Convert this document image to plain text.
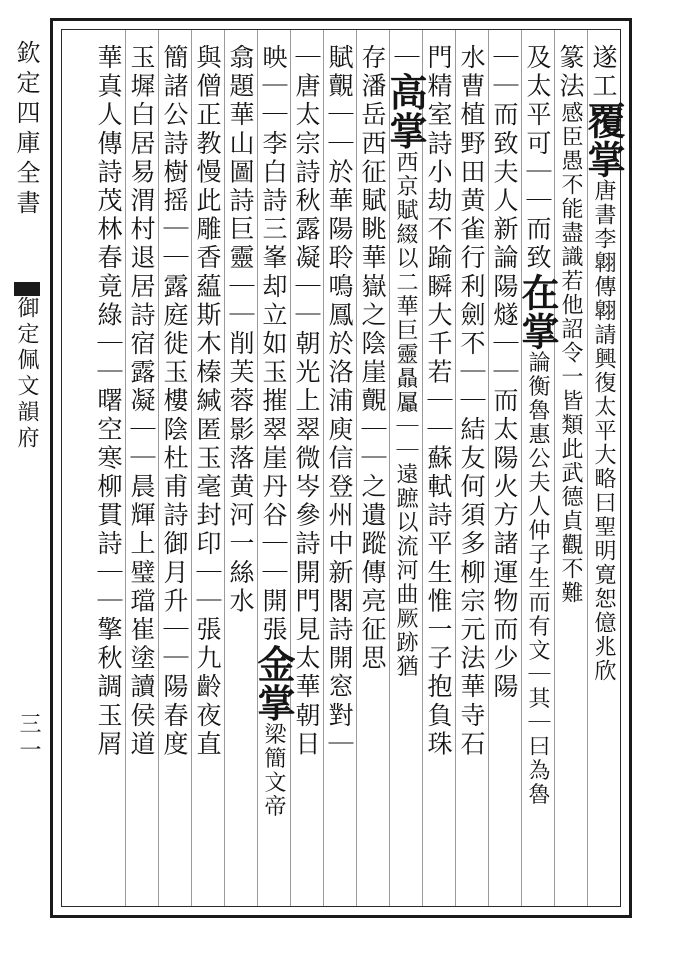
遂工覆掌唐書李翺傳翺請興復太平大略曰聖明寛恕億兆欣
篆法感臣愚不能盡識若他詔令一皆類此武德貞觀不難
及太平可｜｜而致在掌論衡魯惠公夫人仲子生而有文｜其｜曰為魯
｜｜而致夫人新論陽燧｜｜而太陽火方諸運物而少陽
水曹植野田黄雀行利劍不｜｜結友何須多柳宗元法華寺石
門精室詩小劫不踰瞬大千若｜｜蘇軾詩平生惟一子抱負珠
｜高掌西京賦綴以二華巨靈贔屭｜｜遠蹠以流河曲厥跡猶
存潘岳西征賦眺華嶽之陰崖覿｜｜之遺蹤傳亮征思
賦覿｜｜於華陽聆鳴鳳於洛浦庾信登州中新閣詩開窓對｜
｜唐太宗詩秋露凝｜｜朝光上翠微岑參詩開門見太華朝日
映｜｜李白詩三峯却立如玉摧翠崖丹谷｜｜開張金掌梁簡文帝
翕題華山圖詩巨靈｜｜削芙蓉影落黄河一絲水
與僧正教慢此雕香藴斯木榛緘匿玉毫封印｜｜張九齡夜直
簡諸公詩樹摇｜｜露庭徙玉樓陰杜甫詩御月升｜｜陽春度
玉墀白居易渭村退居詩宿露凝｜｜晨輝上璧璫崔塗讀侯道
華真人傳詩茂林春竟綠｜｜曙空寒柳貫詩｜｜擎秋調玉屑
欽定四庫全書
御定佩文韻府
三一
